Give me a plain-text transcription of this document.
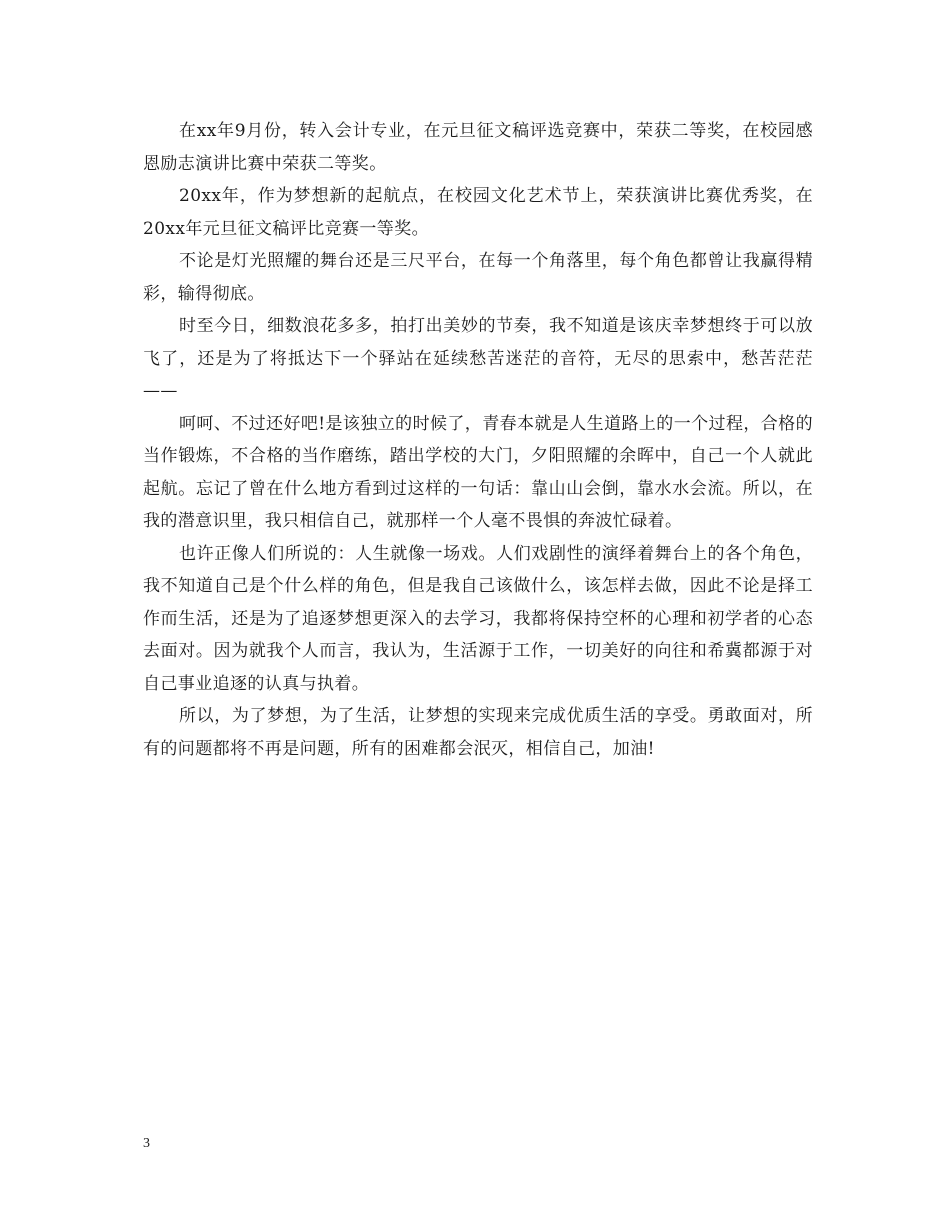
在xx年9月份，转入会计专业，在元旦征文稿评选竞赛中，荣获二等奖，在校园感恩励志演讲比赛中荣获二等奖。

20xx年，作为梦想新的起航点，在校园文化艺术节上，荣获演讲比赛优秀奖，在20xx年元旦征文稿评比竞赛一等奖。

不论是灯光照耀的舞台还是三尺平台，在每一个角落里，每个角色都曾让我赢得精彩，输得彻底。

时至今日，细数浪花多多，拍打出美妙的节奏，我不知道是该庆幸梦想终于可以放飞了，还是为了将抵达下一个驿站在延续愁苦迷茫的音符，无尽的思索中，愁苦茫茫——

呵呵、不过还好吧!是该独立的时候了，青春本就是人生道路上的一个过程，合格的当作锻炼，不合格的当作磨练，踏出学校的大门，夕阳照耀的余晖中，自己一个人就此起航。忘记了曾在什么地方看到过这样的一句话：靠山山会倒，靠水水会流。所以，在我的潜意识里，我只相信自己，就那样一个人毫不畏惧的奔波忙碌着。

也许正像人们所说的：人生就像一场戏。人们戏剧性的演绎着舞台上的各个角色，我不知道自己是个什么样的角色，但是我自己该做什么，该怎样去做，因此不论是择工作而生活，还是为了追逐梦想更深入的去学习，我都将保持空杯的心理和初学者的心态去面对。因为就我个人而言，我认为，生活源于工作，一切美好的向往和希冀都源于对自己事业追逐的认真与执着。

所以，为了梦想，为了生活，让梦想的实现来完成优质生活的享受。勇敢面对，所有的问题都将不再是问题，所有的困难都会泯灭，相信自己，加油!

3
